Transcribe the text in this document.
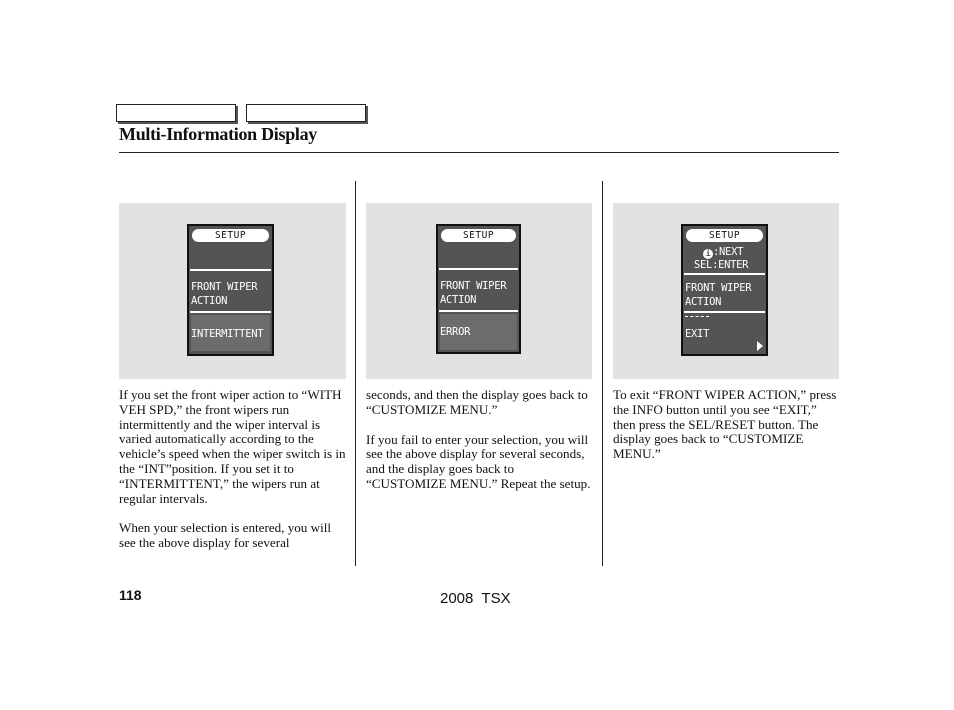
Multi-Information Display
SETUP
FRONT WIPER
ACTION
INTERMITTENT
SETUP
FRONT WIPER
ACTION
ERROR
SETUP
i :NEXT
SEL:ENTER
FRONT WIPER
ACTION
EXIT
If you set the front wiper action to “WITH VEH SPD,” the front wipers run intermittently and the wiper interval is varied automatically according to the vehicle’s speed when the wiper switch is in the “INT”position. If you set it to “INTERMITTENT,” the wipers run at regular intervals.
When your selection is entered, you will see the above display for several
seconds, and then the display goes back to “CUSTOMIZE MENU.”
If you fail to enter your selection, you will see the above display for several seconds, and the display goes back to “CUSTOMIZE MENU.” Repeat the setup.
To exit “FRONT WIPER ACTION,” press the INFO button until you see “EXIT,” then press the SEL/RESET button. The display goes back to “CUSTOMIZE MENU.”
118	2008  TSX
